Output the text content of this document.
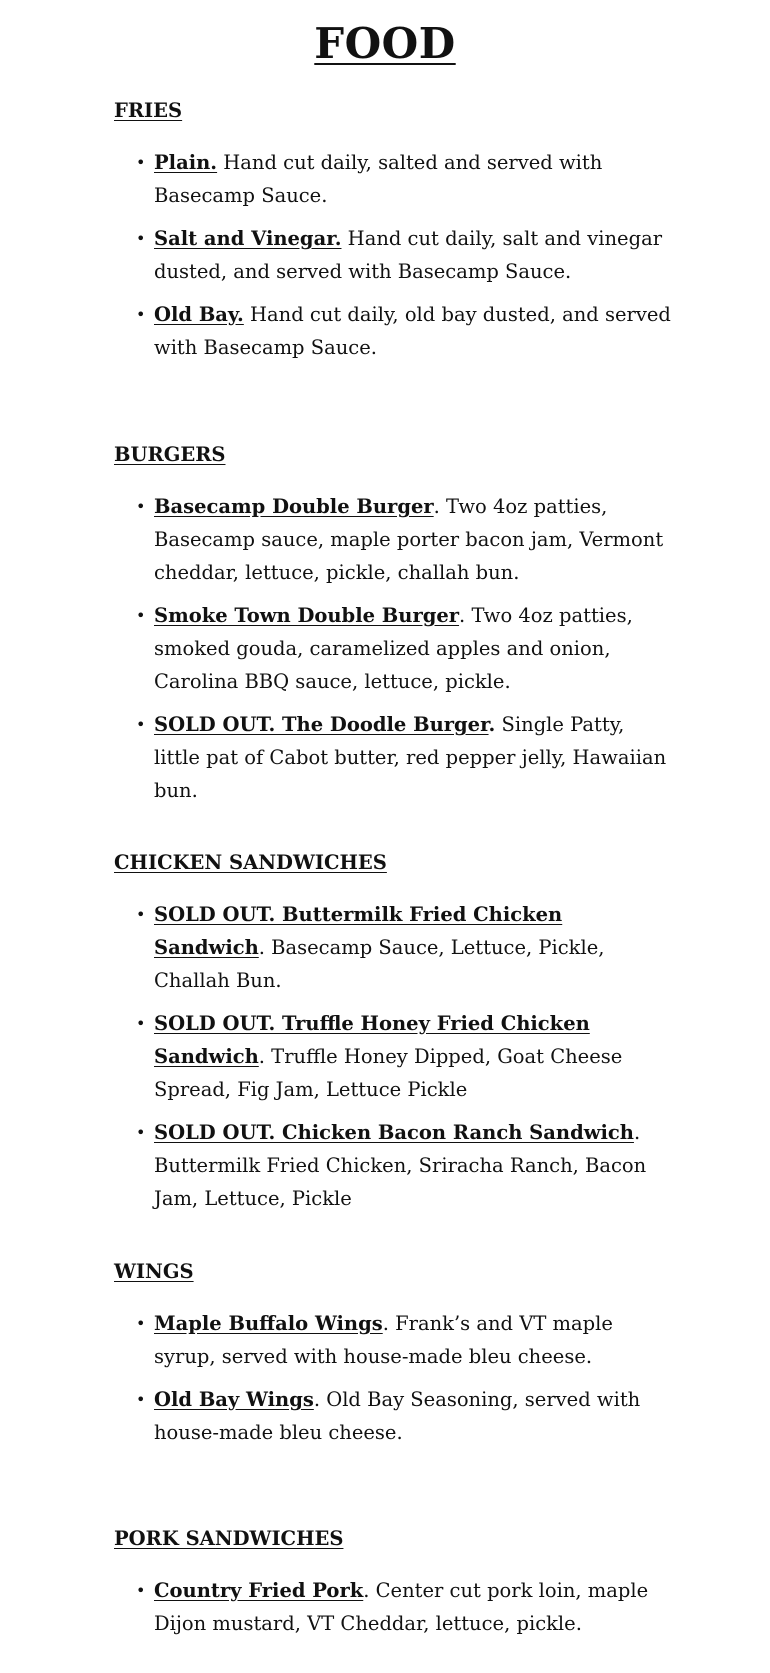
FOOD
FRIES
• Plain. Hand cut daily, salted and served with Basecamp Sauce.
• Salt and Vinegar. Hand cut daily, salt and vinegar dusted, and served with Basecamp Sauce.
• Old Bay. Hand cut daily, old bay dusted, and served with Basecamp Sauce.
BURGERS
• Basecamp Double Burger. Two 4oz patties, Basecamp sauce, maple porter bacon jam, Vermont cheddar, lettuce, pickle, challah bun.
• Smoke Town Double Burger. Two 4oz patties, smoked gouda, caramelized apples and onion, Carolina BBQ sauce, lettuce, pickle.
• SOLD OUT. The Doodle Burger. Single Patty, little pat of Cabot butter, red pepper jelly, Hawaiian bun.
CHICKEN SANDWICHES
• SOLD OUT. Buttermilk Fried Chicken Sandwich. Basecamp Sauce, Lettuce, Pickle, Challah Bun.
• SOLD OUT. Truffle Honey Fried Chicken Sandwich. Truffle Honey Dipped, Goat Cheese Spread, Fig Jam, Lettuce Pickle
• SOLD OUT. Chicken Bacon Ranch Sandwich. Buttermilk Fried Chicken, Sriracha Ranch, Bacon Jam, Lettuce, Pickle
WINGS
• Maple Buffalo Wings. Frank’s and VT maple syrup, served with house-made bleu cheese.
• Old Bay Wings. Old Bay Seasoning, served with house-made bleu cheese.
PORK SANDWICHES
• Country Fried Pork. Center cut pork loin, maple Dijon mustard, VT Cheddar, lettuce, pickle.
